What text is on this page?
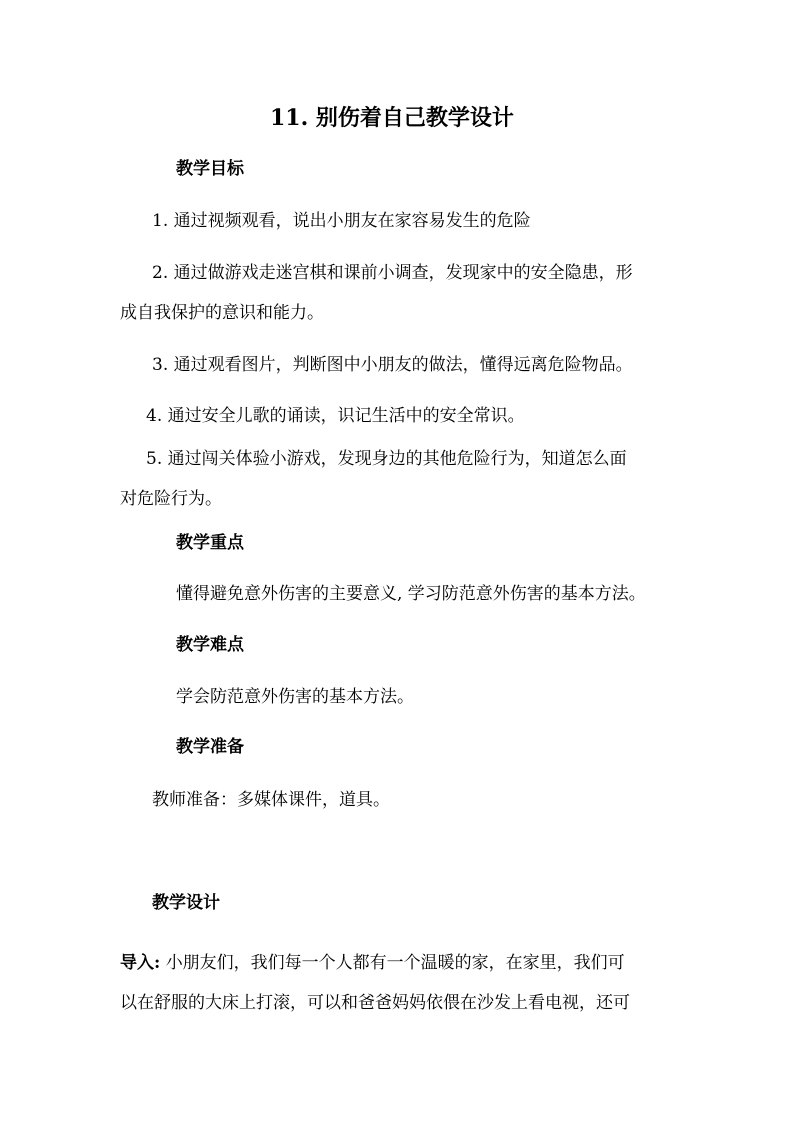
11. 别伤着自己教学设计
教学目标
1. 通过视频观看，说出小朋友在家容易发生的危险
2. 通过做游戏走迷宫棋和课前小调查，发现家中的安全隐患，形
成自我保护的意识和能力。
3. 通过观看图片，判断图中小朋友的做法，懂得远离危险物品。
4. 通过安全儿歌的诵读，识记生活中的安全常识。
5. 通过闯关体验小游戏，发现身边的其他危险行为，知道怎么面
对危险行为。
教学重点
懂得避免意外伤害的主要意义, 学习防范意外伤害的基本方法。
教学难点
学会防范意外伤害的基本方法。
教学准备
教师准备：多媒体课件，道具。
教学设计
导入: 小朋友们，我们每一个人都有一个温暖的家，在家里，我们可
以在舒服的大床上打滚，可以和爸爸妈妈依偎在沙发上看电视，还可
